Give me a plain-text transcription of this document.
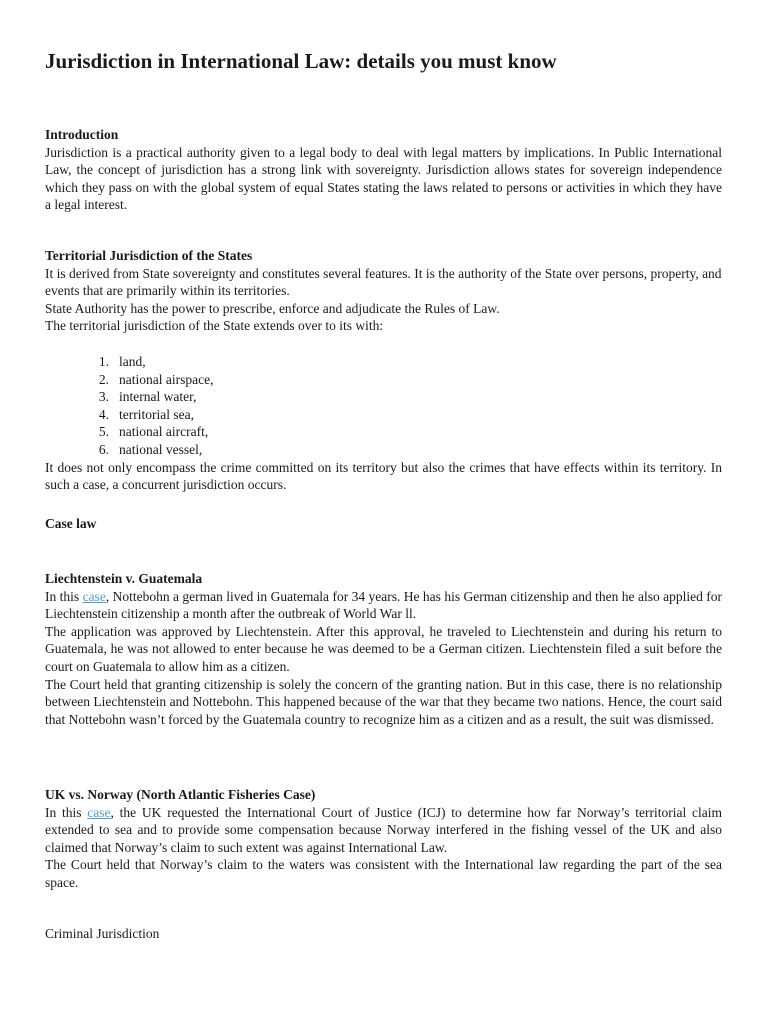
Jurisdiction in International Law: details you must know

Introduction

Jurisdiction is a practical authority given to a legal body to deal with legal matters by implications. In Public International Law, the concept of jurisdiction has a strong link with sovereignty. Jurisdiction allows states for sovereign independence which they pass on with the global system of equal States stating the laws related to persons or activities in which they have a legal interest.

Territorial Jurisdiction of the States

It is derived from State sovereignty and constitutes several features. It is the authority of the State over persons, property, and events that are primarily within its territories.

State Authority has the power to prescribe, enforce and adjudicate the Rules of Law.

The territorial jurisdiction of the State extends over to its with:

1. land,
2. national airspace,
3. internal water,
4. territorial sea,
5. national aircraft,
6. national vessel,

It does not only encompass the crime committed on its territory but also the crimes that have effects within its territory. In such a case, a concurrent jurisdiction occurs.

Case law

Liechtenstein v. Guatemala

In this case, Nottebohn a german lived in Guatemala for 34 years. He has his German citizenship and then he also applied for Liechtenstein citizenship a month after the outbreak of World War ll.

The application was approved by Liechtenstein. After this approval, he traveled to Liechtenstein and during his return to Guatemala, he was not allowed to enter because he was deemed to be a German citizen. Liechtenstein filed a suit before the court on Guatemala to allow him as a citizen.

The Court held that granting citizenship is solely the concern of the granting nation. But in this case, there is no relationship between Liechtenstein and Nottebohn. This happened because of the war that they became two nations. Hence, the court said that Nottebohn wasn’t forced by the Guatemala country to recognize him as a citizen and as a result, the suit was dismissed.

UK vs. Norway (North Atlantic Fisheries Case)

In this case, the UK requested the International Court of Justice (ICJ) to determine how far Norway’s territorial claim extended to sea and to provide some compensation because Norway interfered in the fishing vessel of the UK and also claimed that Norway’s claim to such extent was against International Law.

The Court held that Norway’s claim to the waters was consistent with the International law regarding the part of the sea space.

Criminal Jurisdiction
